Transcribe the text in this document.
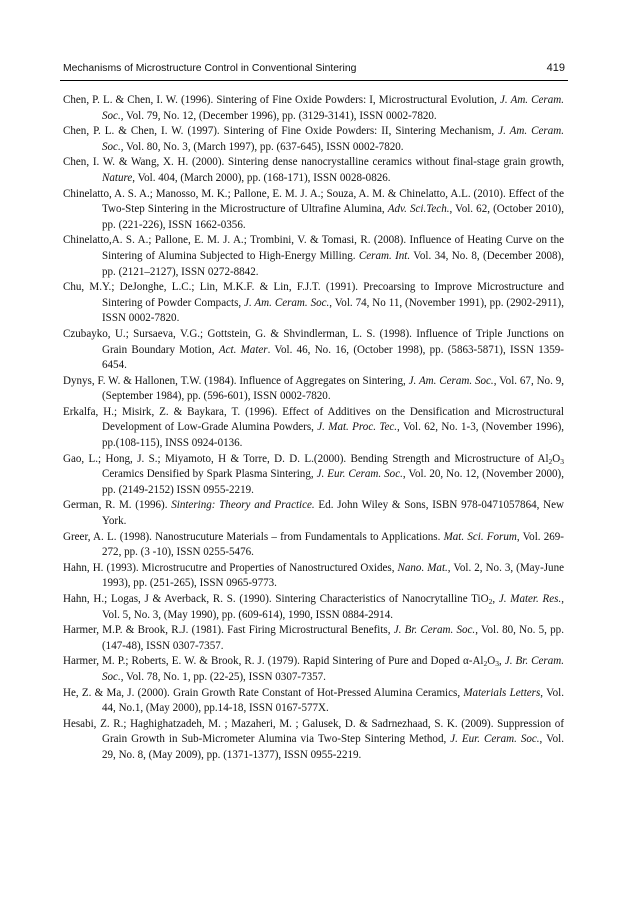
Mechanisms of Microstructure Control in Conventional Sintering	419

Chen, P. L. & Chen, I. W. (1996). Sintering of Fine Oxide Powders: I, Microstructural Evolution, J. Am. Ceram. Soc., Vol. 79, No. 12, (December 1996), pp. (3129-3141), ISSN 0002-7820.

Chen, P. L. & Chen, I. W. (1997). Sintering of Fine Oxide Powders: II, Sintering Mechanism, J. Am. Ceram. Soc., Vol. 80, No. 3, (March 1997), pp. (637-645), ISSN 0002-7820.

Chen, I. W. & Wang, X. H. (2000). Sintering dense nanocrystalline ceramics without final-stage grain growth, Nature, Vol. 404, (March 2000), pp. (168-171), ISSN 0028-0826.

Chinelatto, A. S. A.; Manosso, M. K.; Pallone, E. M. J. A.; Souza, A. M. & Chinelatto, A.L. (2010). Effect of the Two-Step Sintering in the Microstructure of Ultrafine Alumina, Adv. Sci.Tech., Vol. 62, (October 2010), pp. (221-226), ISSN 1662-0356.

Chinelatto,A. S. A.; Pallone, E. M. J. A.; Trombini, V. & Tomasi, R. (2008). Influence of Heating Curve on the Sintering of Alumina Subjected to High-Energy Milling. Ceram. Int. Vol. 34, No. 8, (December 2008), pp. (2121–2127), ISSN 0272-8842.

Chu, M.Y.; DeJonghe, L.C.; Lin, M.K.F. & Lin, F.J.T. (1991). Precoarsing to Improve Microstructure and Sintering of Powder Compacts, J. Am. Ceram. Soc., Vol. 74, No 11, (November 1991), pp. (2902-2911), ISSN 0002-7820.

Czubayko, U.; Sursaeva, V.G.; Gottstein, G. & Shvindlerman, L. S. (1998). Influence of Triple Junctions on Grain Boundary Motion, Act. Mater. Vol. 46, No. 16, (October 1998), pp. (5863-5871), ISSN 1359-6454.

Dynys, F. W. & Hallonen, T.W. (1984). Influence of Aggregates on Sintering, J. Am. Ceram. Soc., Vol. 67, No. 9, (September 1984), pp. (596-601), ISSN 0002-7820.

Erkalfa, H.; Misirk, Z. & Baykara, T. (1996). Effect of Additives on the Densification and Microstructural Development of Low-Grade Alumina Powders, J. Mat. Proc. Tec., Vol. 62, No. 1-3, (November 1996), pp.(108-115), INSS 0924-0136.

Gao, L.; Hong, J. S.; Miyamoto, H & Torre, D. D. L.(2000). Bending Strength and Microstructure of $Al_2O_3$ Ceramics Densified by Spark Plasma Sintering, J. Eur. Ceram. Soc., Vol. 20, No. 12, (November 2000), pp. (2149-2152) ISSN 0955-2219.

German, R. M. (1996). Sintering: Theory and Practice. Ed. John Wiley & Sons, ISBN 978-0471057864, New York.

Greer, A. L. (1998). Nanostrucuture Materials – from Fundamentals to Applications. Mat. Sci. Forum, Vol. 269-272, pp. (3 -10), ISSN 0255-5476.

Hahn, H. (1993). Microstrucutre and Properties of Nanostructured Oxides, Nano. Mat., Vol. 2, No. 3, (May-June 1993), pp. (251-265), ISSN 0965-9773.

Hahn, H.; Logas, J & Averback, R. S. (1990). Sintering Characteristics of Nanocrytalline TiO$_2$, J. Mater. Res., Vol. 5, No. 3, (May 1990), pp. (609-614), 1990, ISSN 0884-2914.

Harmer, M.P. & Brook, R.J. (1981). Fast Firing Microstructural Benefits, J. Br. Ceram. Soc., Vol. 80, No. 5, pp. (147-48), ISSN 0307-7357.

Harmer, M. P.; Roberts, E. W. & Brook, R. J. (1979). Rapid Sintering of Pure and Doped $\alpha-Al_2O_3$, J. Br. Ceram. Soc., Vol. 78, No. 1, pp. (22-25), ISSN 0307-7357.

He, Z. & Ma, J. (2000). Grain Growth Rate Constant of Hot-Pressed Alumina Ceramics, Materials Letters, Vol. 44, No.1, (May 2000), pp.14-18, ISSN 0167-577X.

Hesabi, Z. R.; Haghighatzadeh, M. ; Mazaheri, M. ; Galusek, D. & Sadrnezhaad, S. K. (2009). Suppression of Grain Growth in Sub-Micrometer Alumina via Two-Step Sintering Method, J. Eur. Ceram. Soc., Vol. 29, No. 8, (May 2009), pp. (1371-1377), ISSN 0955-2219.
